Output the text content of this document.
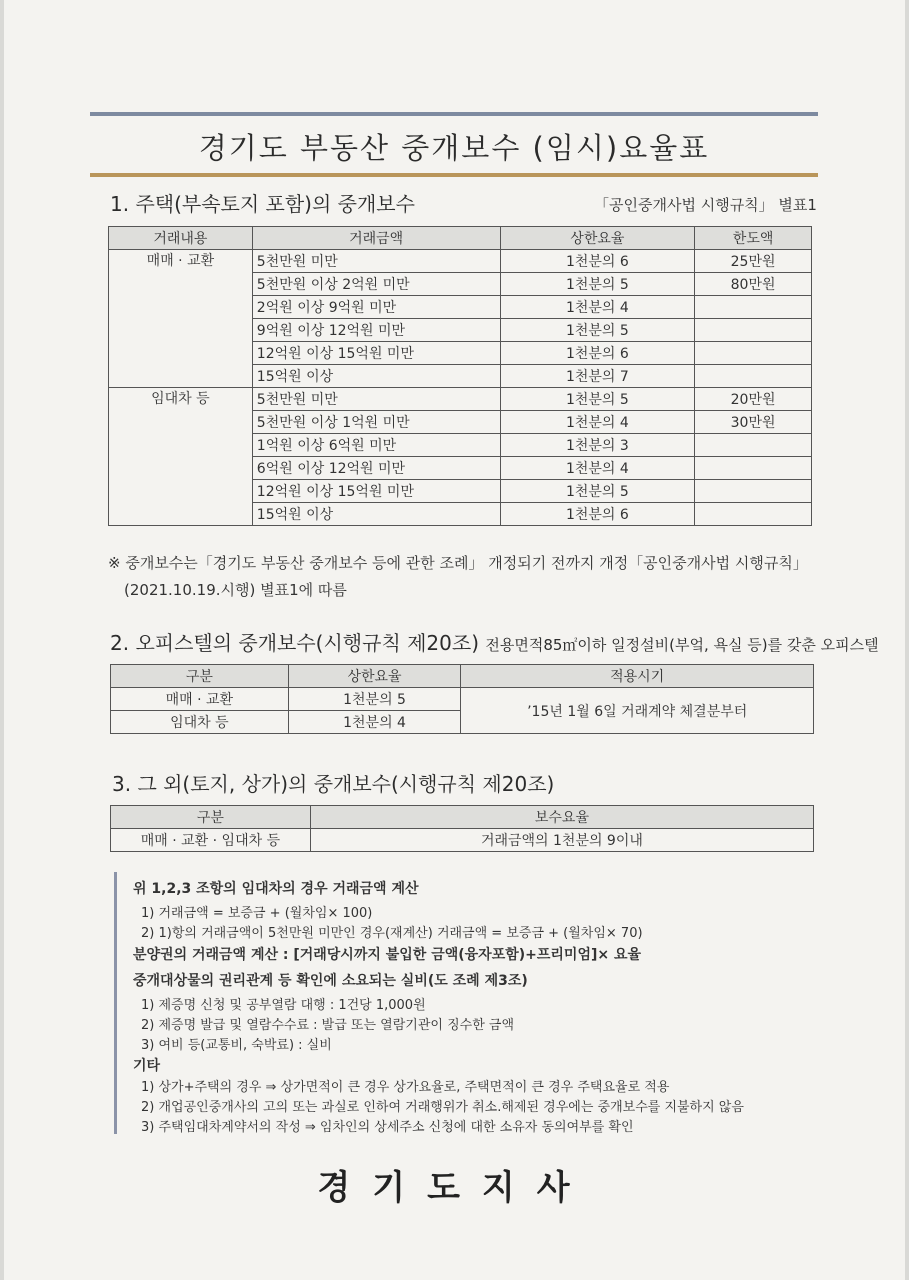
경기도 부동산 중개보수 (임시)요율표
1. 주택(부속토지 포함)의 중개보수	「공인중개사법 시행규칙」 별표1
거래내용	거래금액	상한요율	한도액
매매 · 교환	5천만원 미만	1천분의 6	25만원
	5천만원 이상 2억원 미만	1천분의 5	80만원
	2억원 이상 9억원 미만	1천분의 4	
	9억원 이상 12억원 미만	1천분의 5	
	12억원 이상 15억원 미만	1천분의 6	
	15억원 이상	1천분의 7	
임대차 등	5천만원 미만	1천분의 5	20만원
	5천만원 이상 1억원 미만	1천분의 4	30만원
	1억원 이상 6억원 미만	1천분의 3	
	6억원 이상 12억원 미만	1천분의 4	
	12억원 이상 15억원 미만	1천분의 5	
	15억원 이상	1천분의 6	
※ 중개보수는「경기도 부동산 중개보수 등에 관한 조례」 개정되기 전까지 개정「공인중개사법 시행규칙」
(2021.10.19.시행) 별표1에 따름
2. 오피스텔의 중개보수(시행규칙 제20조) 전용면적85㎡이하 일정설비(부엌, 욕실 등)를 갖춘 오피스텔
구분	상한요율	적용시기
매매 · 교환	1천분의 5	’15년 1월 6일 거래계약 체결분부터
임대차 등	1천분의 4	
3. 그 외(토지, 상가)의 중개보수(시행규칙 제20조)
구분	보수요율
매매 · 교환 · 임대차 등	거래금액의 1천분의 9이내
위 1,2,3 조항의 임대차의 경우 거래금액 계산
1) 거래금액 = 보증금 + (월차임× 100)
2) 1)항의 거래금액이 5천만원 미만인 경우(재계산) 거래금액 = 보증금 + (월차임× 70)
분양권의 거래금액 계산 : [거래당시까지 불입한 금액(융자포함)+프리미엄]× 요율
중개대상물의 권리관계 등 확인에 소요되는 실비(도 조례 제3조)
1) 제증명 신청 및 공부열람 대행 : 1건당 1,000원
2) 제증명 발급 및 열람수수료 : 발급 또는 열람기관이 징수한 금액
3) 여비 등(교통비, 숙박료) : 실비
기타
1) 상가+주택의 경우 ⇒ 상가면적이 큰 경우 상가요율로, 주택면적이 큰 경우 주택요율로 적용
2) 개업공인중개사의 고의 또는 과실로 인하여 거래행위가 취소.해제된 경우에는 중개보수를 지불하지 않음
3) 주택임대차계약서의 작성 ⇒ 임차인의 상세주소 신청에 대한 소유자 동의여부를 확인
경기도지사
